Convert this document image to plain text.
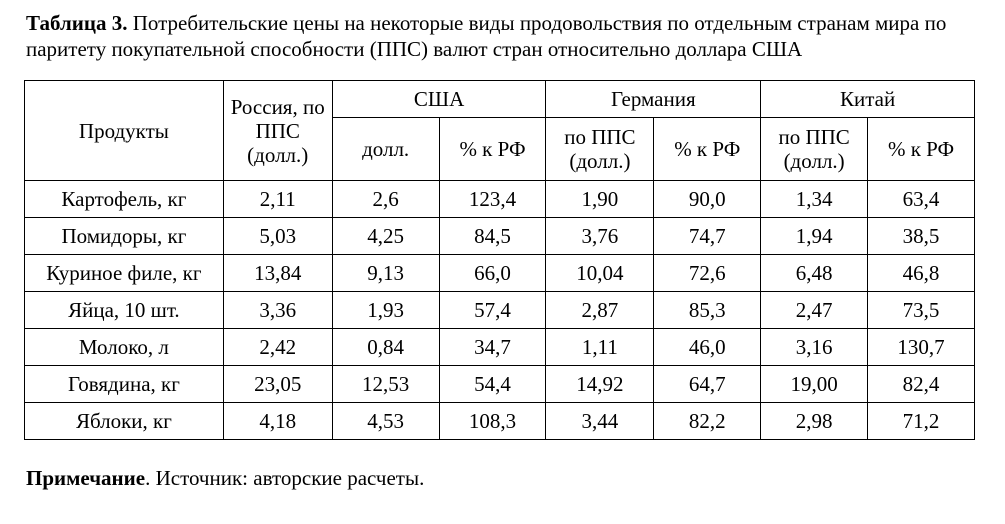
Таблица 3. Потребительские цены на некоторые виды продовольствия по отдельным странам мира по паритету покупательной способности (ППС) валют стран относительно доллара США
Продукты	Россия, по ППС (долл.)	США		Германия		Китай	
		долл.	% к РФ	по ППС (долл.)	% к РФ	по ППС (долл.)	% к РФ
Картофель, кг	2,11	2,6	123,4	1,90	90,0	1,34	63,4
Помидоры, кг	5,03	4,25	84,5	3,76	74,7	1,94	38,5
Куриное филе, кг	13,84	9,13	66,0	10,04	72,6	6,48	46,8
Яйца, 10 шт.	3,36	1,93	57,4	2,87	85,3	2,47	73,5
Молоко, л	2,42	0,84	34,7	1,11	46,0	3,16	130,7
Говядина, кг	23,05	12,53	54,4	14,92	64,7	19,00	82,4
Яблоки, кг	4,18	4,53	108,3	3,44	82,2	2,98	71,2
Примечание. Источник: авторские расчеты.
